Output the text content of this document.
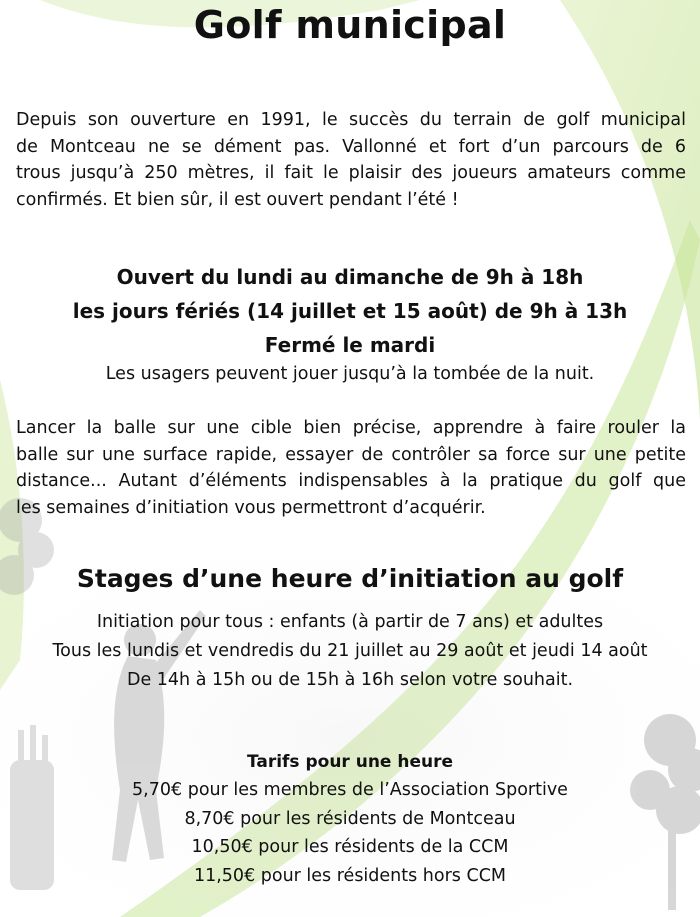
Golf municipal

Depuis son ouverture en 1991, le succès du terrain de golf municipal
de Montceau ne se dément pas. Vallonné et fort d’un parcours de 6
trous jusqu’à 250 mètres, il fait le plaisir des joueurs amateurs comme
confirmés. Et bien sûr, il est ouvert pendant l’été !

Ouvert du lundi au dimanche de 9h à 18h
les jours fériés (14 juillet et 15 août) de 9h à 13h
Fermé le mardi
Les usagers peuvent jouer jusqu’à la tombée de la nuit.

Lancer la balle sur une cible bien précise, apprendre à faire rouler la
balle sur une surface rapide, essayer de contrôler sa force sur une petite
distance... Autant d’éléments indispensables à la pratique du golf que
les semaines d’initiation vous permettront d’acquérir.

Stages d’une heure d’initiation au golf
Initiation pour tous : enfants (à partir de 7 ans) et adultes
Tous les lundis et vendredis du 21 juillet au 29 août et jeudi 14 août
De 14h à 15h ou de 15h à 16h selon votre souhait.
Tarifs pour une heure
5,70€ pour les membres de l’Association Sportive
8,70€ pour les résidents de Montceau
10,50€ pour les résidents de la CCM
11,50€ pour les résidents hors CCM
